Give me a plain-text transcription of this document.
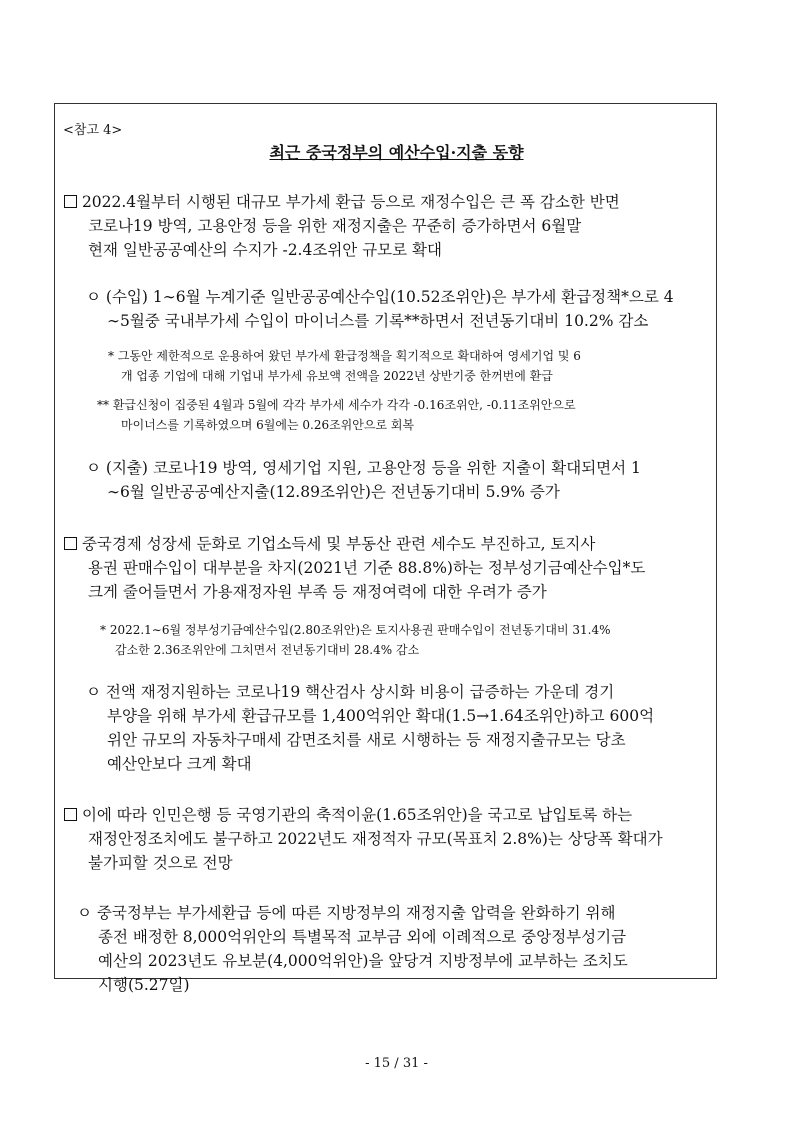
<참고 4>
최근 중국정부의 예산수입·지출 동향
2022.4월부터 시행된 대규모 부가세 환급 등으로 재정수입은 큰 폭 감소한 반면
코로나19 방역, 고용안정 등을 위한 재정지출은 꾸준히 증가하면서 6월말
현재 일반공공예산의 수지가 -2.4조위안 규모로 확대
ㅇ (수입) 1∼6월 누계기준 일반공공예산수입(10.52조위안)은 부가세 환급정책*으로 4
∼5월중 국내부가세 수입이 마이너스를 기록**하면서 전년동기대비 10.2% 감소
* 그동안 제한적으로 운용하여 왔던 부가세 환급정책을 획기적으로 확대하여 영세기업 및 6
개 업종 기업에 대해 기업내 부가세 유보액 전액을 2022년 상반기중 한꺼번에 환급
** 환급신청이 집중된 4월과 5월에 각각 부가세 세수가 각각 -0.16조위안, -0.11조위안으로
마이너스를 기록하였으며 6월에는 0.26조위안으로 회복
ㅇ (지출) 코로나19 방역, 영세기업 지원, 고용안정 등을 위한 지출이 확대되면서 1
∼6월 일반공공예산지출(12.89조위안)은 전년동기대비 5.9% 증가
중국경제 성장세 둔화로 기업소득세 및 부동산 관련 세수도 부진하고, 토지사
용권 판매수입이 대부분을 차지(2021년 기준 88.8%)하는 정부성기금예산수입*도
크게 줄어들면서 가용재정자원 부족 등 재정여력에 대한 우려가 증가
* 2022.1∼6월 정부성기금예산수입(2.80조위안)은 토지사용권 판매수입이 전년동기대비 31.4%
감소한 2.36조위안에 그치면서 전년동기대비 28.4% 감소
ㅇ 전액 재정지원하는 코로나19 핵산검사 상시화 비용이 급증하는 가운데 경기
부양을 위해 부가세 환급규모를 1,400억위안 확대(1.5→1.64조위안)하고 600억
위안 규모의 자동차구매세 감면조치를 새로 시행하는 등 재정지출규모는 당초
예산안보다 크게 확대
이에 따라 인민은행 등 국영기관의 축적이윤(1.65조위안)을 국고로 납입토록 하는
재정안정조치에도 불구하고 2022년도 재정적자 규모(목표치 2.8%)는 상당폭 확대가
불가피할 것으로 전망
ㅇ 중국정부는 부가세환급 등에 따른 지방정부의 재정지출 압력을 완화하기 위해
종전 배정한 8,000억위안의 특별목적 교부금 외에 이례적으로 중앙정부성기금
예산의 2023년도 유보분(4,000억위안)을 앞당겨 지방정부에 교부하는 조치도
시행(5.27일)
- 15 / 31 -
